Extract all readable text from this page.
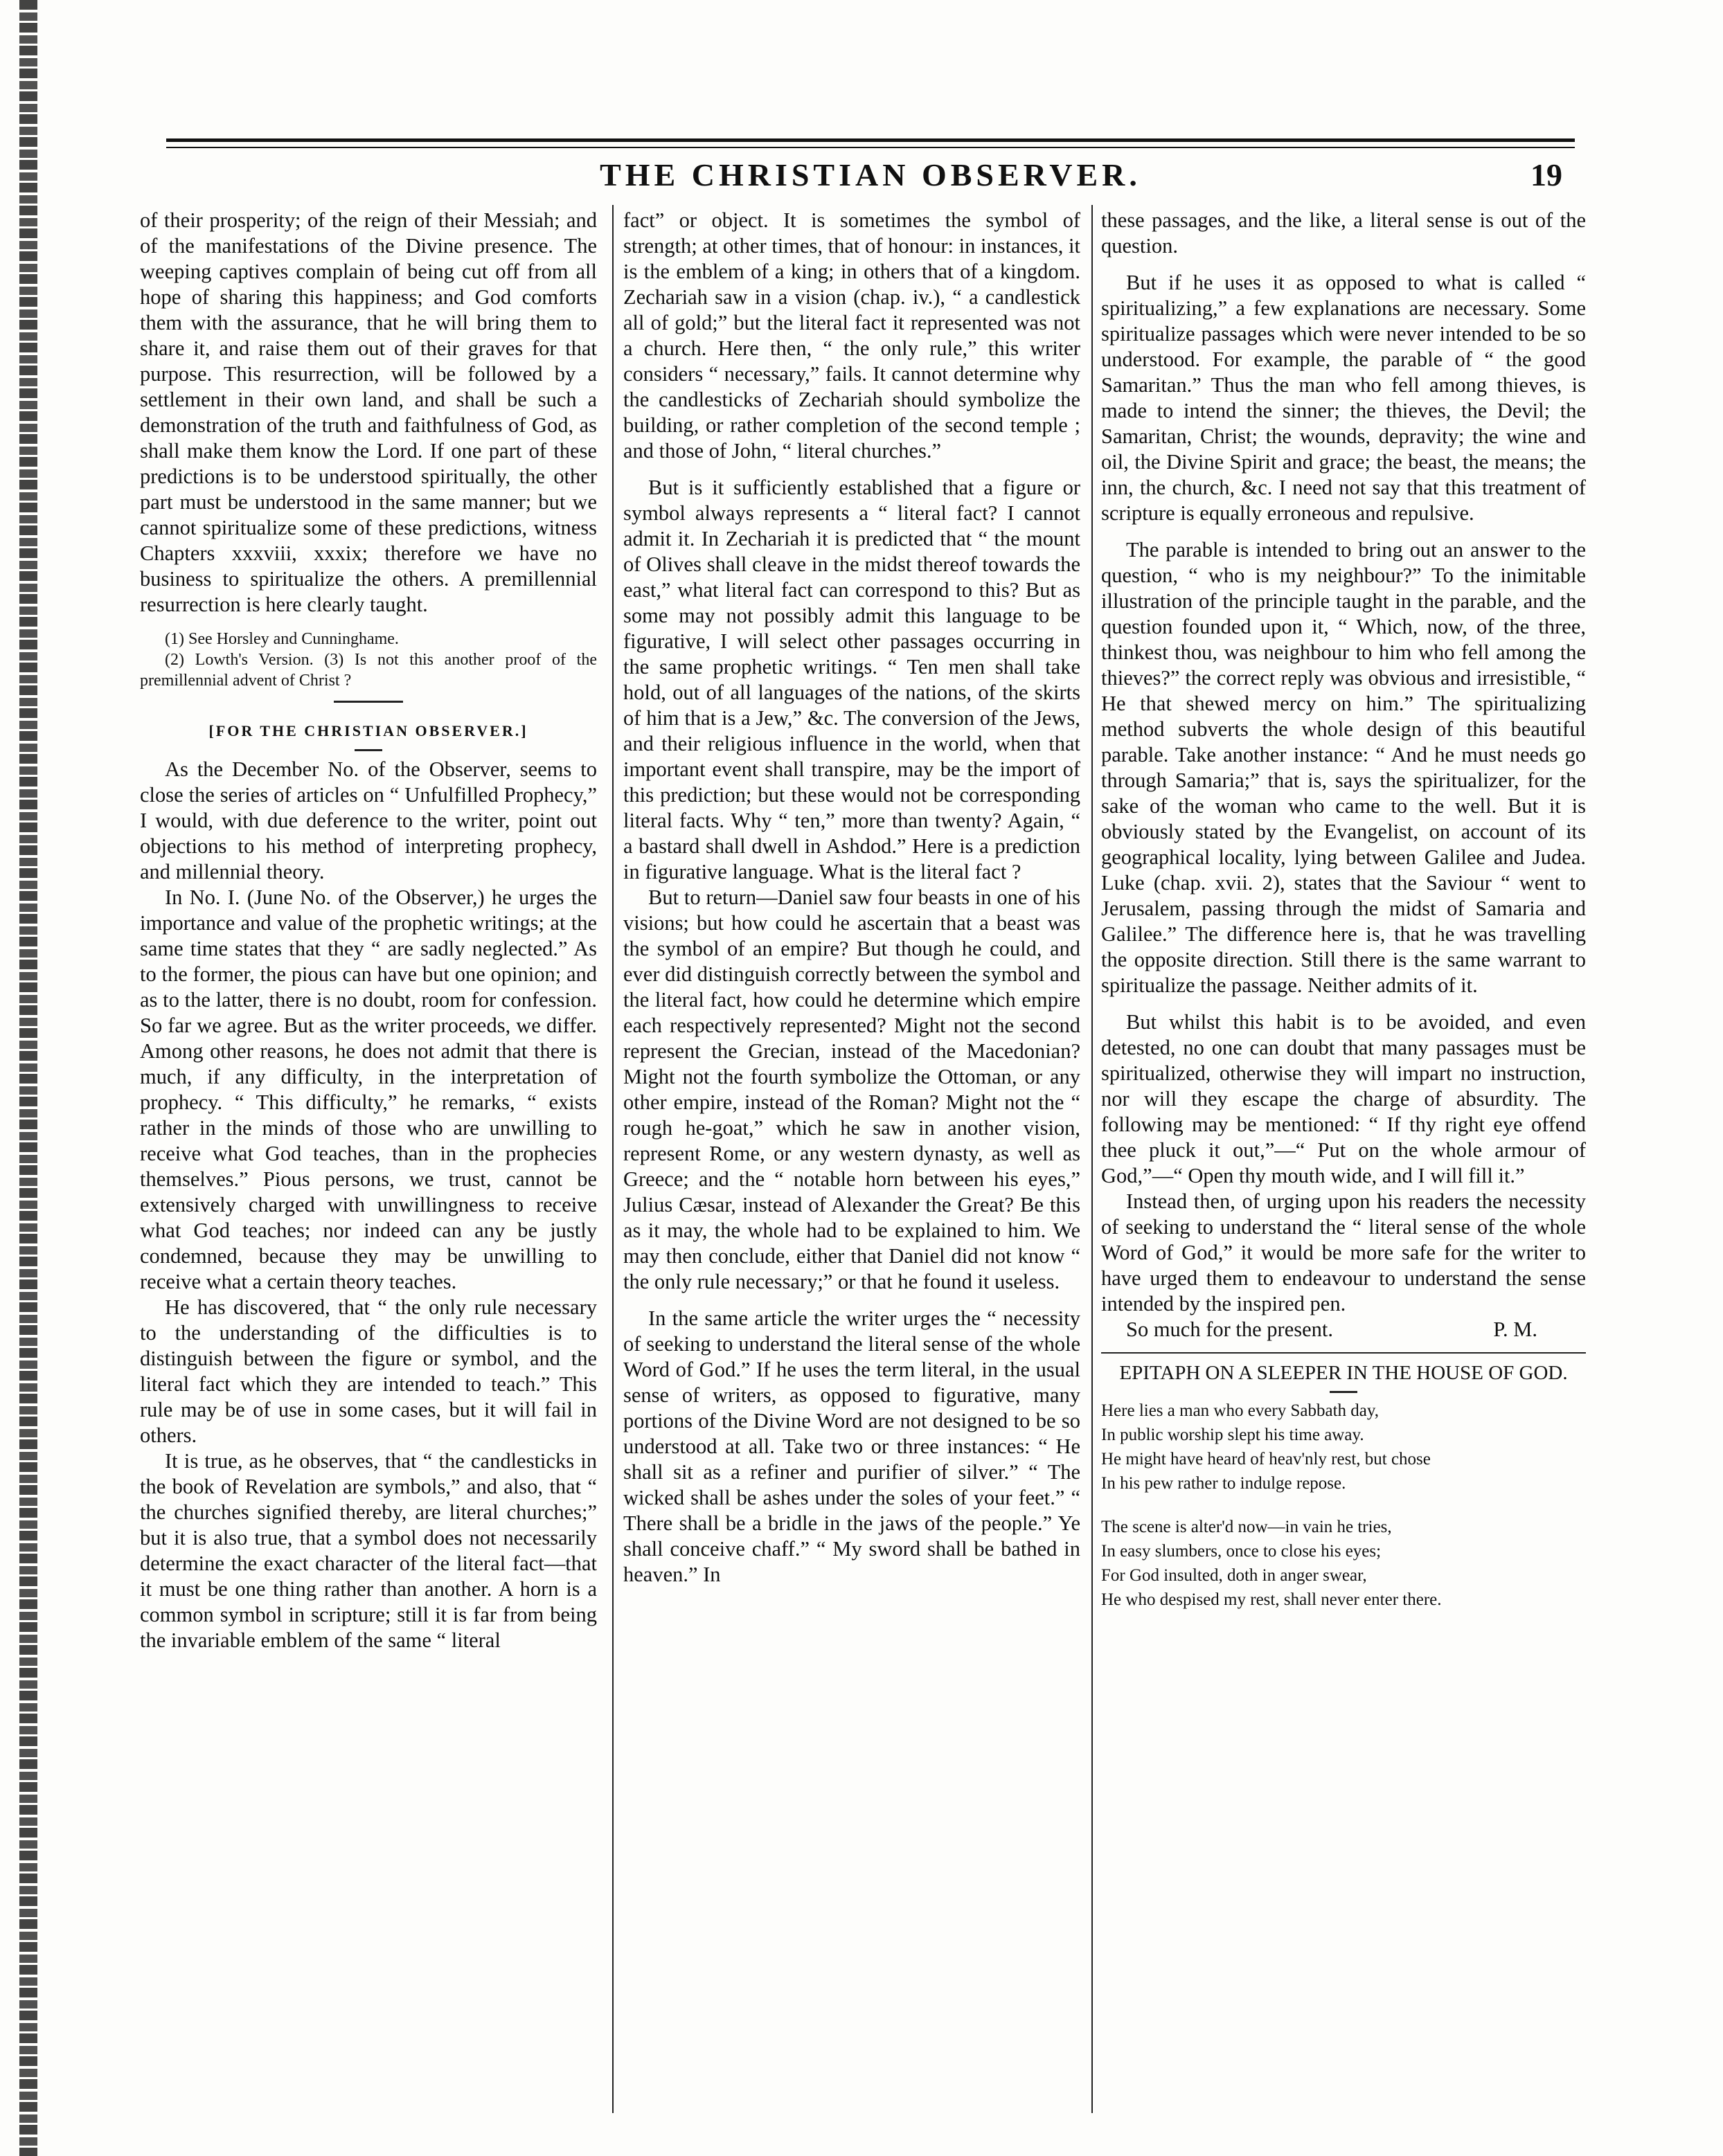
THE CHRISTIAN OBSERVER.	19

of their prosperity; of the reign of their Messiah; and of the manifestations of the Divine presence. The weeping captives complain of being cut off from all hope of sharing this happiness; and God comforts them with the assurance, that he will bring them to share it, and raise them out of their graves for that purpose. This resurrection, will be followed by a settlement in their own land, and shall be such a demonstration of the truth and faithfulness of God, as shall make them know the Lord. If one part of these predictions is to be understood spiritually, the other part must be understood in the same manner; but we cannot spiritualize some of these predictions, witness Chapters xxxviii, xxxix; therefore we have no business to spiritualize the others. A premillennial resurrection is here clearly taught.

(1) See Horsley and Cunninghame.

(2) Lowth's Version. (3) Is not this another proof of the premillennial advent of Christ ?

[FOR THE CHRISTIAN OBSERVER.]

As the December No. of the Observer, seems to close the series of articles on “ Unfulfilled Prophecy,” I would, with due deference to the writer, point out objections to his method of interpreting prophecy, and millennial theory.

In No. I. (June No. of the Observer,) he urges the importance and value of the prophetic writings; at the same time states that they “ are sadly neglected.” As to the former, the pious can have but one opinion; and as to the latter, there is no doubt, room for confession. So far we agree. But as the writer proceeds, we differ. Among other reasons, he does not admit that there is much, if any difficulty, in the interpretation of prophecy. “ This difficulty,” he remarks, “ exists rather in the minds of those who are unwilling to receive what God teaches, than in the prophecies themselves.” Pious persons, we trust, cannot be extensively charged with unwillingness to receive what God teaches; nor indeed can any be justly condemned, because they may be unwilling to receive what a certain theory teaches.

He has discovered, that “ the only rule necessary to the understanding of the difficulties is to distinguish between the figure or symbol, and the literal fact which they are intended to teach.” This rule may be of use in some cases, but it will fail in others.

It is true, as he observes, that “ the candlesticks in the book of Revelation are symbols,” and also, that “ the churches signified thereby, are literal churches;” but it is also true, that a symbol does not necessarily determine the exact character of the literal fact—that it must be one thing rather than another. A horn is a common symbol in scripture; still it is far from being the invariable emblem of the same “ literal

fact” or object. It is sometimes the symbol of strength; at other times, that of honour: in instances, it is the emblem of a king; in others that of a kingdom. Zechariah saw in a vision (chap. iv.), “ a candlestick all of gold;” but the literal fact it represented was not a church. Here then, “ the only rule,” this writer considers “ necessary,” fails. It cannot determine why the candlesticks of Zechariah should symbolize the building, or rather completion of the second temple ; and those of John, “ literal churches.”

But is it sufficiently established that a figure or symbol always represents a “ literal fact? I cannot admit it. In Zechariah it is predicted that “ the mount of Olives shall cleave in the midst thereof towards the east,” what literal fact can correspond to this? But as some may not possibly admit this language to be figurative, I will select other passages occurring in the same prophetic writings. “ Ten men shall take hold, out of all languages of the nations, of the skirts of him that is a Jew,” &c. The conversion of the Jews, and their religious influence in the world, when that important event shall transpire, may be the import of this prediction; but these would not be corresponding literal facts. Why “ ten,” more than twenty? Again, “ a bastard shall dwell in Ashdod.” Here is a prediction in figurative language. What is the literal fact ?

But to return—Daniel saw four beasts in one of his visions; but how could he ascertain that a beast was the symbol of an empire? But though he could, and ever did distinguish correctly between the symbol and the literal fact, how could he determine which empire each respectively represented? Might not the second represent the Grecian, instead of the Macedonian? Might not the fourth symbolize the Ottoman, or any other empire, instead of the Roman? Might not the “ rough he-goat,” which he saw in another vision, represent Rome, or any western dynasty, as well as Greece; and the “ notable horn between his eyes,” Julius Cæsar, instead of Alexander the Great? Be this as it may, the whole had to be explained to him. We may then conclude, either that Daniel did not know “ the only rule necessary;” or that he found it useless.

In the same article the writer urges the “ necessity of seeking to understand the literal sense of the whole Word of God.” If he uses the term literal, in the usual sense of writers, as opposed to figurative, many portions of the Divine Word are not designed to be so understood at all. Take two or three instances: “ He shall sit as a refiner and purifier of silver.” “ The wicked shall be ashes under the soles of your feet.” “ There shall be a bridle in the jaws of the people.” Ye shall conceive chaff.” “ My sword shall be bathed in heaven.” In

these passages, and the like, a literal sense is out of the question.

But if he uses it as opposed to what is called “ spiritualizing,” a few explanations are necessary. Some spiritualize passages which were never intended to be so understood. For example, the parable of “ the good Samaritan.” Thus the man who fell among thieves, is made to intend the sinner; the thieves, the Devil; the Samaritan, Christ; the wounds, depravity; the wine and oil, the Divine Spirit and grace; the beast, the means; the inn, the church, &c. I need not say that this treatment of scripture is equally erroneous and repulsive.

The parable is intended to bring out an answer to the question, “ who is my neighbour?” To the inimitable illustration of the principle taught in the parable, and the question founded upon it, “ Which, now, of the three, thinkest thou, was neighbour to him who fell among the thieves?” the correct reply was obvious and irresistible, “ He that shewed mercy on him.” The spiritualizing method subverts the whole design of this beautiful parable. Take another instance: “ And he must needs go through Samaria;” that is, says the spiritualizer, for the sake of the woman who came to the well. But it is obviously stated by the Evangelist, on account of its geographical locality, lying between Galilee and Judea. Luke (chap. xvii. 2), states that the Saviour “ went to Jerusalem, passing through the midst of Samaria and Galilee.” The difference here is, that he was travelling the opposite direction. Still there is the same warrant to spiritualize the passage. Neither admits of it.

But whilst this habit is to be avoided, and even detested, no one can doubt that many passages must be spiritualized, otherwise they will impart no instruction, nor will they escape the charge of absurdity. The following may be mentioned: “ If thy right eye offend thee pluck it out,”—“ Put on the whole armour of God,”—“ Open thy mouth wide, and I will fill it.”

Instead then, of urging upon his readers the necessity of seeking to understand the “ literal sense of the whole Word of God,” it would be more safe for the writer to have urged them to endeavour to understand the sense intended by the inspired pen.

So much for the present.	P. M.
EPITAPH ON A SLEEPER IN THE HOUSE OF GOD.
Here lies a man who every Sabbath day,
In public worship slept his time away.
He might have heard of heav'nly rest, but chose
In his pew rather to indulge repose.
The scene is alter'd now—in vain he tries,
In easy slumbers, once to close his eyes;
For God insulted, doth in anger swear,
He who despised my rest, shall never enter there.
